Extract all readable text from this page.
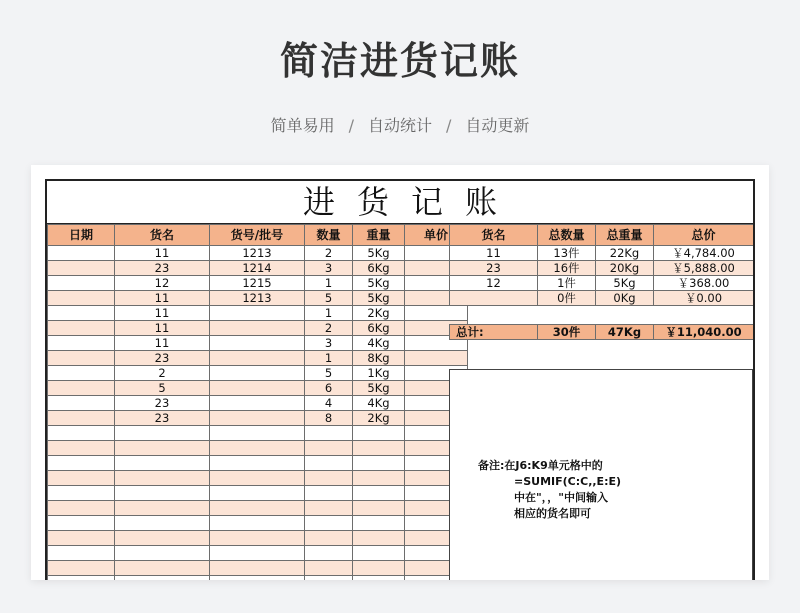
简洁进货记账
简单易用 / 自动统计 / 自动更新
进货记账
日期	货名	货号/批号	数量	重量	单价
	11	1213	2	5Kg	
	23	1214	3	6Kg	
	12	1215	1	5Kg	
	11	1213	5	5Kg	
	11		1	2Kg	
	11		2	6Kg	
	11		3	4Kg	
	23		1	8Kg	
	2		5	1Kg	
	5		6	5Kg	
	23		4	4Kg	
	23		8	2Kg	

货名	总数量	总重量	总价
11	13件	22Kg	￥4,784.00
23	16件	20Kg	￥5,888.00
12	1件	5Kg	￥368.00
	0件	0Kg	￥0.00
总计:	30件	47Kg	￥11,040.00
备注:在J6:K9单元格中的
=SUMIF(C:C,,E:E)
中在"，，"中间输入
相应的货名即可
